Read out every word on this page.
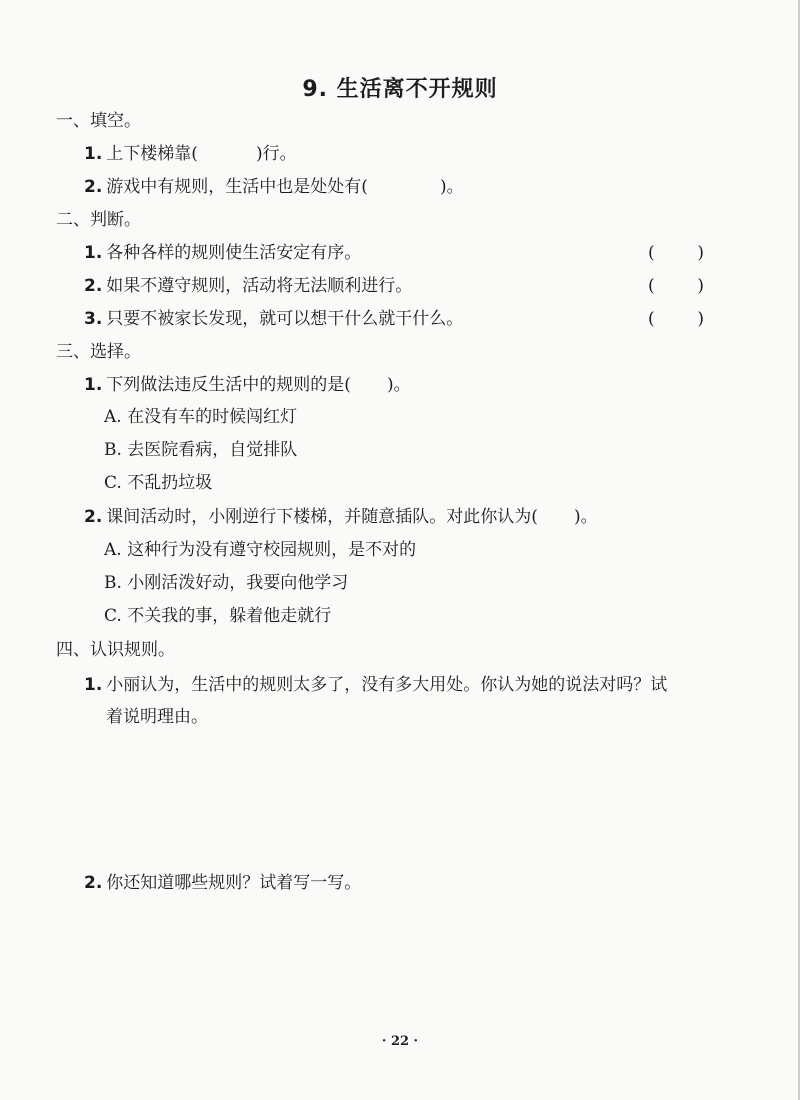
9. 生活离不开规则
一、填空。
1. 上下楼梯靠(	)行。
2. 游戏中有规则，生活中也是处处有(	)。
二、判断。
1. 各种各样的规则使生活安定有序。	(	)
2. 如果不遵守规则，活动将无法顺利进行。	(	)
3. 只要不被家长发现，就可以想干什么就干什么。	(	)
三、选择。
1. 下列做法违反生活中的规则的是( )。
A. 在没有车的时候闯红灯
B. 去医院看病，自觉排队
C. 不乱扔垃圾
2. 课间活动时，小刚逆行下楼梯，并随意插队。对此你认为( )。
A. 这种行为没有遵守校园规则，是不对的
B. 小刚活泼好动，我要向他学习
C. 不关我的事，躲着他走就行
四、认识规则。
1. 小丽认为，生活中的规则太多了，没有多大用处。你认为她的说法对吗？试
着说明理由。
2. 你还知道哪些规则？试着写一写。
· 22 ·
